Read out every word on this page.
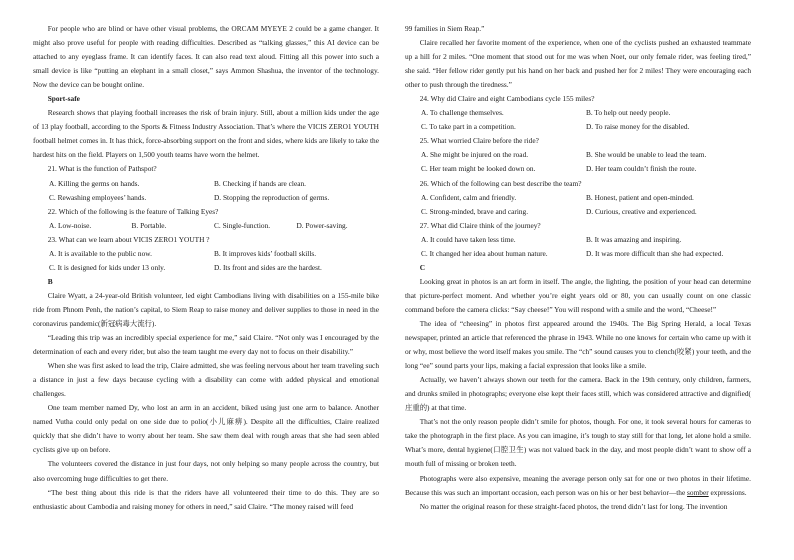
For people who are blind or have other visual problems, the ORCAM MYEYE 2 could be a game changer. It might also prove useful for people with reading difficulties. Described as “talking glasses,” this AI device can be attached to any eyeglass frame. It can identify faces. It can also read text aloud. Fitting all this power into such a small device is like “putting an elephant in a small closet,” says Ammon Shashua, the inventor of the technology. Now the device can be bought online.

Sport-safe

Research shows that playing football increases the risk of brain injury. Still, about a million kids under the age of 13 play football, according to the Sports & Fitness Industry Association. That’s where the VICIS ZERO1 YOUTH football helmet comes in. It has thick, force-absorbing support on the front and sides, where kids are likely to take the hardest hits on the field. Players on 1,500 youth teams have worn the helmet.

21. What is the function of Pathspot?

A. Killing the germs on hands.	B. Checking if hands are clean.
C. Rewashing employees’ hands.	D. Stopping the reproduction of germs.

22. Which of the following is the feature of Talking Eyes?

A. Low-noise.	B. Portable.	C. Single-function.	D. Power-saving.

23. What can we learn about VICIS ZERO1 YOUTH ?

A. It is available to the public now.	B. It improves kids’ football skills.
C. It is designed for kids under 13 only.	D. Its front and sides are the hardest.

B

Claire Wyatt, a 24-year-old British volunteer, led eight Cambodians living with disabilities on a 155-mile bike ride from Phnom Penh, the nation’s capital, to Siem Reap to raise money and deliver supplies to those in need in the coronavirus pandemic(新冠病毒大流行).

“Leading this trip was an incredibly special experience for me,” said Claire. “Not only was I encouraged by the determination of each and every rider, but also the team taught me every day not to focus on their disability.”

When she was first asked to lead the trip, Claire admitted, she was feeling nervous about her team traveling such a distance in just a few days because cycling with a disability can come with added physical and emotional challenges.

One team member named Dy, who lost an arm in an accident, biked using just one arm to balance. Another named Vutha could only pedal on one side due to polio(小儿麻痹). Despite all the difficulties, Claire realized quickly that she didn’t have to worry about her team. She saw them deal with rough areas that she had seen abled cyclists give up on before.

The volunteers covered the distance in just four days, not only helping so many people across the country, but also overcoming huge difficulties to get there.

“The best thing about this ride is that the riders have all volunteered their time to do this. They are so enthusiastic about Cambodia and raising money for others in need,” said Claire. “The money raised will feed

99 families in Siem Reap.”

Claire recalled her favorite moment of the experience, when one of the cyclists pushed an exhausted teammate up a hill for 2 miles. “One moment that stood out for me was when Noet, our only female rider, was feeling tired,” she said. “Her fellow rider gently put his hand on her back and pushed her for 2 miles! They were encouraging each other to push through the tiredness.”

24. Why did Claire and eight Cambodians cycle 155 miles?

A. To challenge themselves.	B. To help out needy people.
C. To take part in a competition.	D. To raise money for the disabled.

25. What worried Claire before the ride?

A. She might be injured on the road.	B. She would be unable to lead the team.
C. Her team might be looked down on.	D. Her team couldn’t finish the route.

26. Which of the following can best describe the team?

A. Confident, calm and friendly.	B. Honest, patient and open-minded.
C. Strong-minded, brave and caring.	D. Curious, creative and experienced.

27. What did Claire think of the journey?

A. It could have taken less time.	B. It was amazing and inspiring.
C. It changed her idea about human nature.	D. It was more difficult than she had expected.

C

Looking great in photos is an art form in itself. The angle, the lighting, the position of your head can determine that picture-perfect moment. And whether you’re eight years old or 80, you can usually count on one classic command before the camera clicks: “Say cheese!” You will respond with a smile and the word, “Cheese!”

The idea of “cheesing” in photos first appeared around the 1940s. The Big Spring Herald, a local Texas newspaper, printed an article that referenced the phrase in 1943. While no one knows for certain who came up with it or why, most believe the word itself makes you smile. The “ch” sound causes you to clench(咬紧) your teeth, and the long “ee” sound parts your lips, making a facial expression that looks like a smile.

Actually, we haven’t always shown our teeth for the camera. Back in the 19th century, only children, farmers, and drunks smiled in photographs; everyone else kept their faces still, which was considered attractive and dignified( 庄重的) at that time.

That’s not the only reason people didn’t smile for photos, though. For one, it took several hours for cameras to take the photograph in the first place. As you can imagine, it’s tough to stay still for that long, let alone hold a smile. What’s more, dental hygiene(口腔卫生) was not valued back in the day, and most people didn’t want to show off a mouth full of missing or broken teeth.

Photographs were also expensive, meaning the average person only sat for one or two photos in their lifetime. Because this was such an important occasion, each person was on his or her best behavior—the somber expressions.

No matter the original reason for these straight-faced photos, the trend didn’t last for long. The invention
